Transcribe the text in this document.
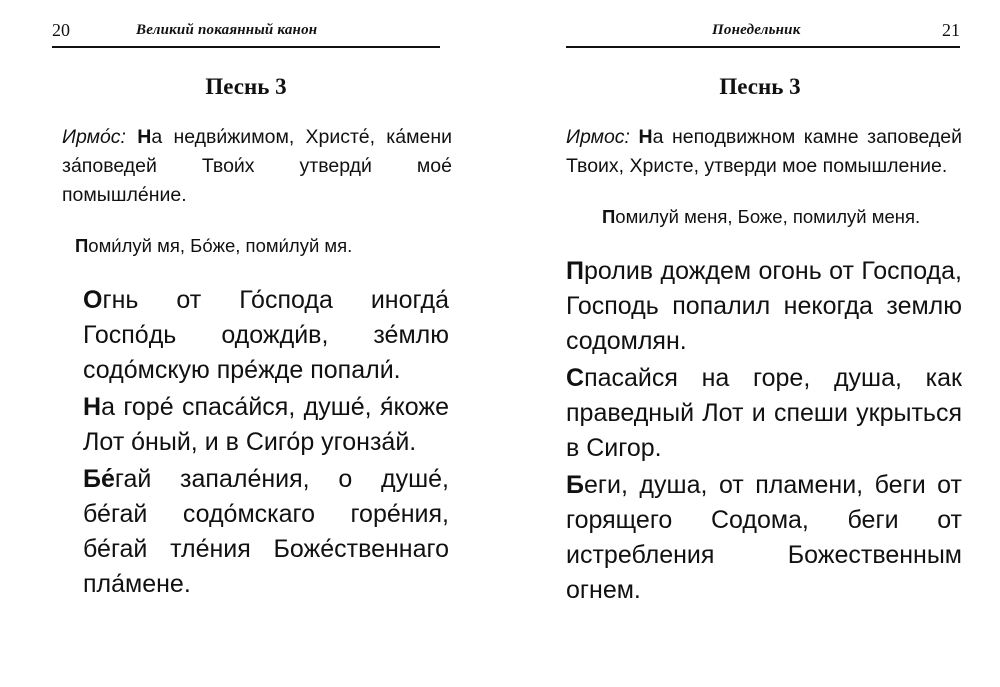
20	Великий покаянный канон
Песнь 3

Ирмо́с: На недви́жимом, Христе́, ка́мени за́поведей Твои́х утверди́ мое́ помышле́ние.

Поми́луй мя, Бо́же, поми́луй мя.

Огнь от Го́спода иногда́ Госпо́дь одожди́в, зе́млю содо́мскую пре́жде попали́.

На горе́ спаса́йся, душе́, я́коже Лот о́ный, и в Сиго́р угонза́й.

Бе́гай запале́ния, о душе́, бе́гай содо́мскаго горе́ния, бе́гай тле́ния Боже́ственнаго пла́мене.

Понедельник	21
Песнь 3

Ирмос: На неподвижном камне заповедей Твоих, Христе, утверди мое помышление.

Помилуй меня, Боже, помилуй меня.

Пролив дождем огонь от Господа, Господь попалил некогда землю содомлян.

Спасайся на горе, душа, как праведный Лот и спеши укрыться в Сигор.

Беги, душа, от пламени, беги от горящего Содома, беги от истребления Божественным огнем.
